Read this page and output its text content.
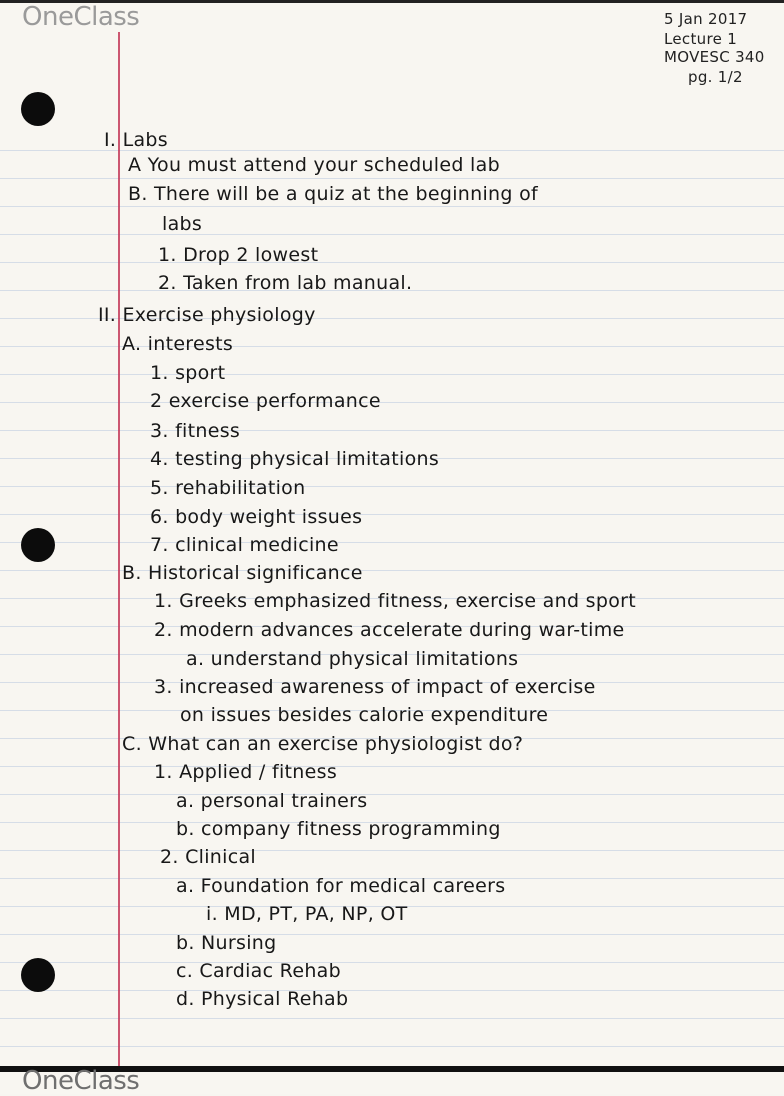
OneClass
OneClass
5 Jan 2017
Lecture 1
MOVESC 340
pg. 1/2
I. Labs
A You must attend your scheduled lab
B. There will be a quiz at the beginning of
labs
1. Drop 2 lowest
2. Taken from lab manual.
II. Exercise physiology
A. interests
1. sport
2 exercise performance
3. fitness
4. testing physical limitations
5. rehabilitation
6. body weight issues
7. clinical medicine
B. Historical significance
1. Greeks emphasized fitness, exercise and sport
2. modern advances accelerate during war-time
a. understand physical limitations
3. increased awareness of impact of exercise
on issues besides calorie expenditure
C. What can an exercise physiologist do?
1. Applied / fitness
a. personal trainers
b. company fitness programming
2. Clinical
a. Foundation for medical careers
i. MD, PT, PA, NP, OT
b. Nursing
c. Cardiac Rehab
d. Physical Rehab
